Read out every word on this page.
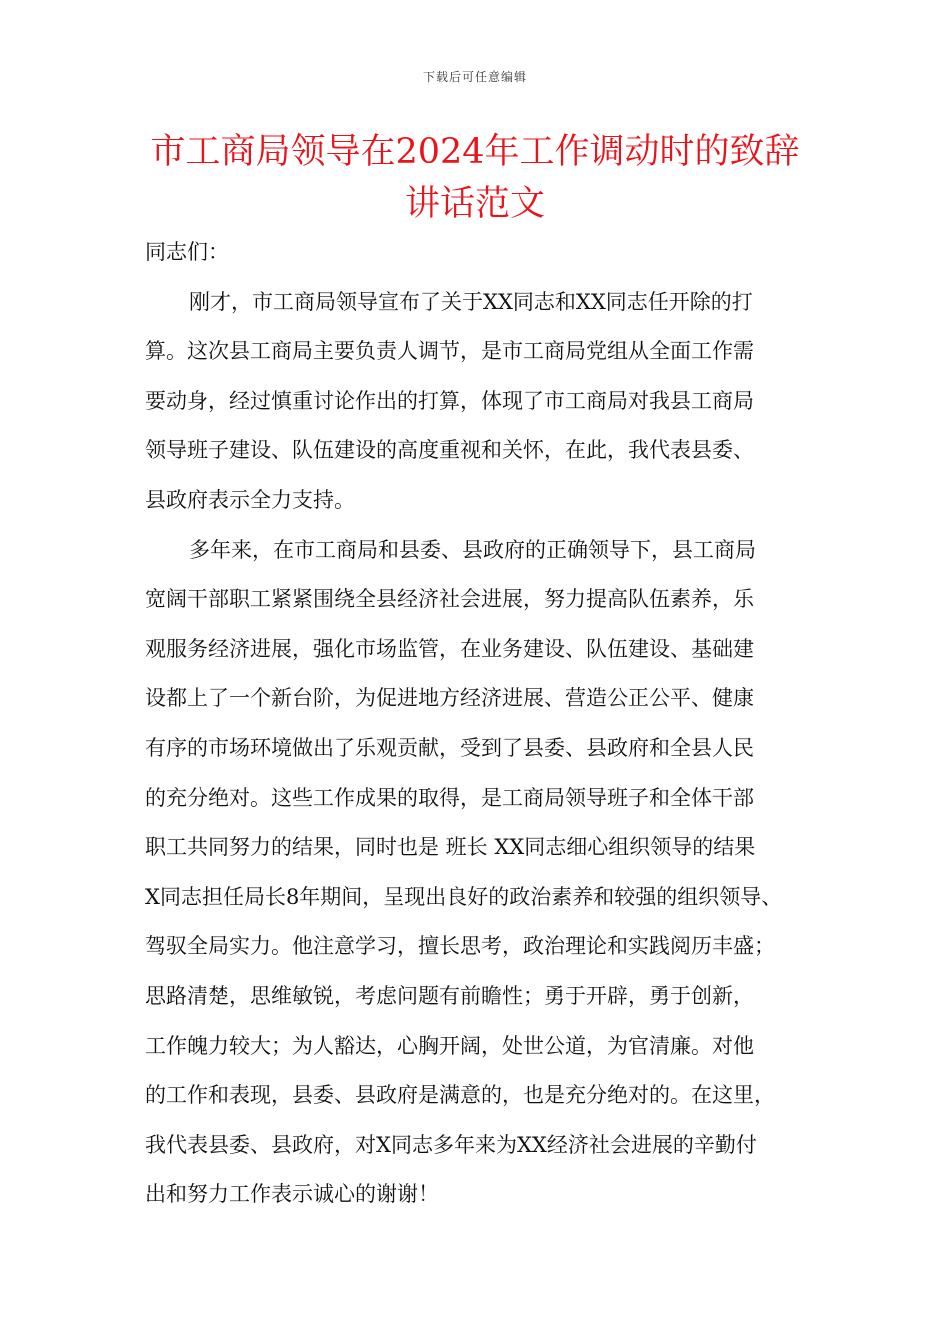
下载后可任意编辑
市工商局领导在2024年工作调动时的致辞
讲话范文

同志们：

刚才，市工商局领导宣布了关于XX同志和XX同志任开除的打
算。这次县工商局主要负责人调节，是市工商局党组从全面工作需
要动身，经过慎重讨论作出的打算，体现了市工商局对我县工商局
领导班子建设、队伍建设的高度重视和关怀，在此，我代表县委、
县政府表示全力支持。

多年来，在市工商局和县委、县政府的正确领导下，县工商局
宽阔干部职工紧紧围绕全县经济社会进展，努力提高队伍素养，乐
观服务经济进展，强化市场监管，在业务建设、队伍建设、基础建
设都上了一个新台阶，为促进地方经济进展、营造公正公平、健康
有序的市场环境做出了乐观贡献，受到了县委、县政府和全县人民
的充分绝对。这些工作成果的取得，是工商局领导班子和全体干部
职工共同努力的结果，同时也是 班长 XX同志细心组织领导的结果
X同志担任局长8年期间，呈现出良好的政治素养和较强的组织领导、
驾驭全局实力。他注意学习，擅长思考，政治理论和实践阅历丰盛；
思路清楚，思维敏锐，考虑问题有前瞻性；勇于开辟，勇于创新，
工作魄力较大；为人豁达，心胸开阔，处世公道，为官清廉。对他
的工作和表现，县委、县政府是满意的，也是充分绝对的。在这里，
我代表县委、县政府，对X同志多年来为XX经济社会进展的辛勤付
出和努力工作表示诚心的谢谢！
